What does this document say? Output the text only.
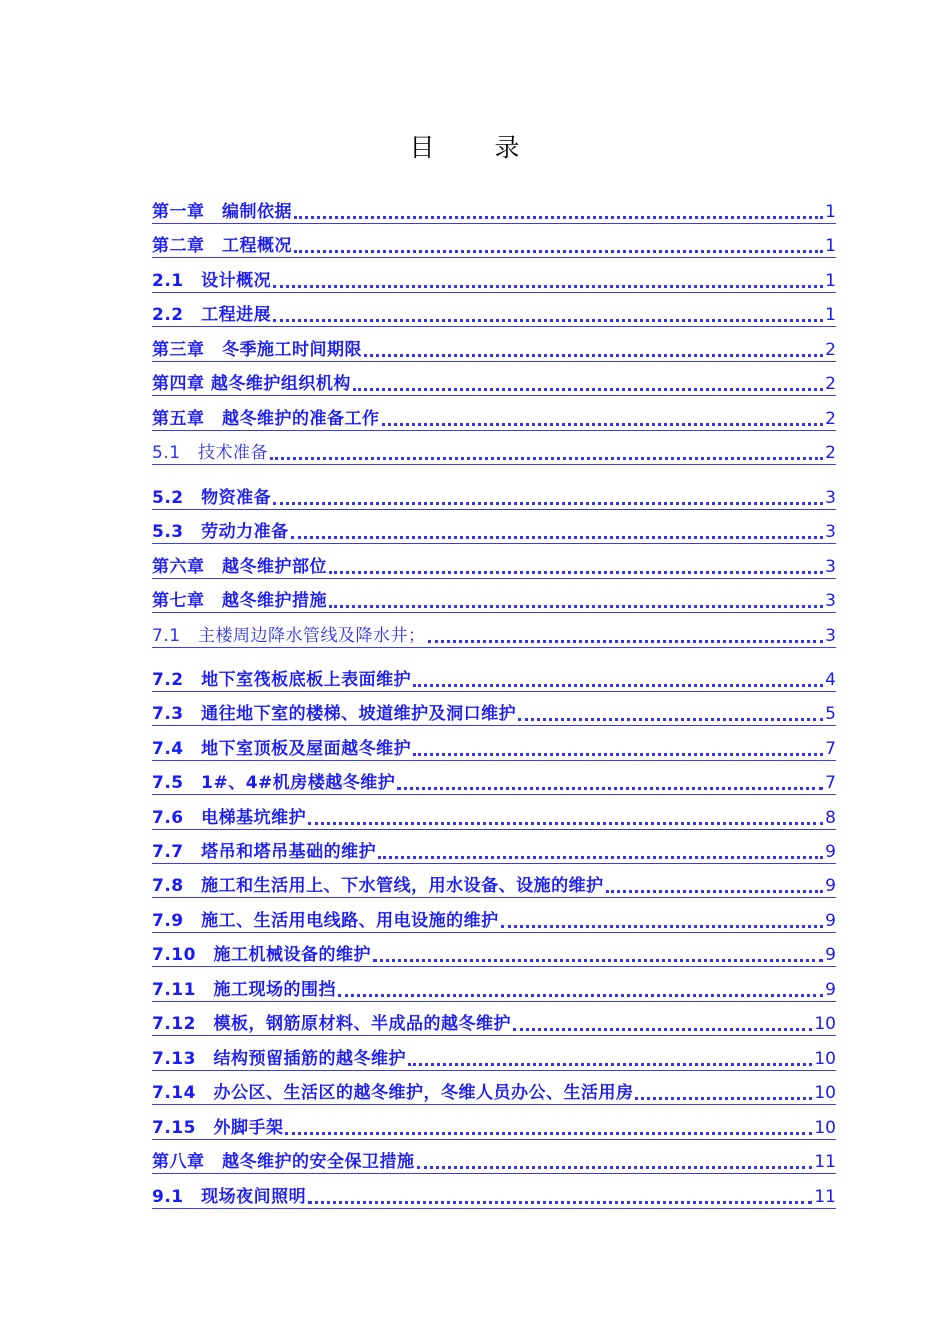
目 录
第一章　编制依据	1
第二章　工程概况	1
2.1　设计概况	1
2.2　工程进展	1
第三章　冬季施工时间期限	2
第四章 越冬维护组织机构	2
第五章　越冬维护的准备工作	2
5.1　技术准备	2
5.2　物资准备	3
5.3　劳动力准备	3
第六章　越冬维护部位	3
第七章　越冬维护措施	3
7.1　主楼周边降水管线及降水井；	3
7.2　地下室筏板底板上表面维护	4
7.3　通往地下室的楼梯、坡道维护及洞口维护	5
7.4　地下室顶板及屋面越冬维护	7
7.5　1#、4#机房楼越冬维护	7
7.6　电梯基坑维护	8
7.7　塔吊和塔吊基础的维护	9
7.8　施工和生活用上、下水管线，用水设备、设施的维护	9
7.9　施工、生活用电线路、用电设施的维护	9
7.10　施工机械设备的维护	9
7.11　施工现场的围挡	9
7.12　模板，钢筋原材料、半成品的越冬维护	10
7.13　结构预留插筋的越冬维护	10
7.14　办公区、生活区的越冬维护，冬维人员办公、生活用房	10
7.15　外脚手架	10
第八章　越冬维护的安全保卫措施	11
9.1　现场夜间照明	11
